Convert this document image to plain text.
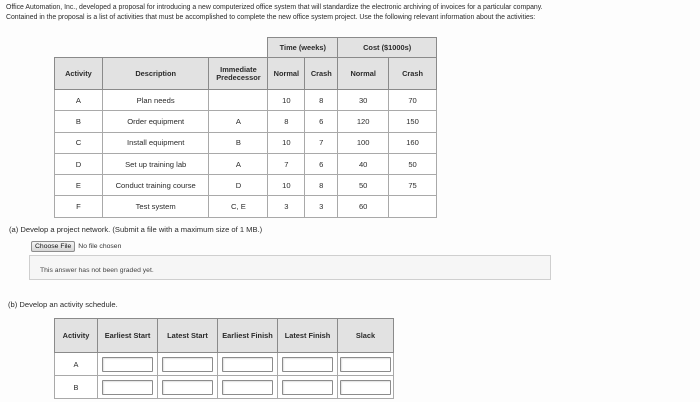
Office Automation, Inc., developed a proposal for introducing a new computerized office system that will standardize the electronic archiving of invoices for a particular company.
Contained in the proposal is a list of activities that must be accomplished to complete the new office system project. Use the following relevant information about the activities:
			Time (weeks)		Cost ($1000s)	
Activity	Description	Immediate Predecessor	Normal	Crash	Normal	Crash
A	Plan needs		10	8	30	70
B	Order equipment	A	8	6	120	150
C	Install equipment	B	10	7	100	160
D	Set up training lab	A	7	6	40	50
E	Conduct training course	D	10	8	50	75
F	Test system	C, E	3	3	60	
(a) Develop a project network. (Submit a file with a maximum size of 1 MB.)
Choose File	No file chosen
This answer has not been graded yet.
(b) Develop an activity schedule.
Activity	Earliest Start	Latest Start	Earliest Finish	Latest Finish	Slack
A	

B	
